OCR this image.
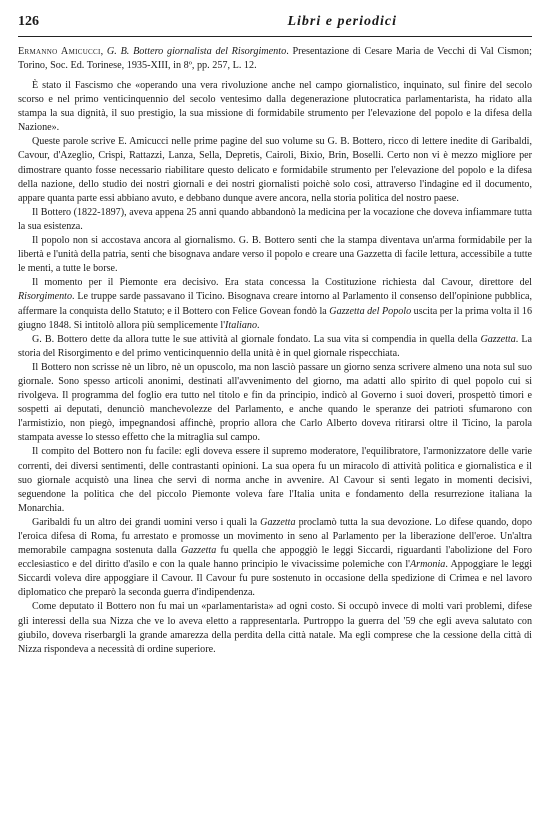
126	Libri e periodici

Ermanno Amicucci, G. B. Bottero giornalista del Risorgimento. Presentazione di Cesare Maria de Vecchi di Val Cismon; Torino, Soc. Ed. Torinese, 1935-XIII, in 8º, pp. 257, L. 12.

È stato il Fascismo che «operando una vera rivoluzione anche nel campo giornalistico, inquinato, sul finire del secolo scorso e nel primo venticinquennio del secolo ventesimo dalla degenerazione plutocratica parlamentarista, ha ridato alla stampa la sua dignità, il suo prestigio, la sua missione di formidabile strumento per l'elevazione del popolo e la difesa della Nazione».

Queste parole scrive E. Amicucci nelle prime pagine del suo volume su G. B. Bottero, ricco di lettere inedite di Garibaldi, Cavour, d'Azeglio, Crispi, Rattazzi, Lanza, Sella, Depretis, Cairoli, Bixio, Brin, Boselli. Certo non vi è mezzo migliore per dimostrare quanto fosse necessario riabilitare questo delicato e formidabile strumento per l'elevazione del popolo e la difesa della nazione, dello studio dei nostri giornali e dei nostri giornalisti poichè solo così, attraverso l'indagine ed il documento, appare quanta parte essi abbiano avuto, e debbano dunque avere ancora, nella storia politica del nostro paese.

Il Bottero (1822-1897), aveva appena 25 anni quando abbandonò la medicina per la vocazione che doveva infiammare tutta la sua esistenza.

Il popolo non si accostava ancora al giornalismo. G. B. Bottero senti che la stampa diventava un'arma formidabile per la libertà e l'unità della patria, senti che bisognava andare verso il popolo e creare una Gazzetta di facile lettura, accessibile a tutte le menti, a tutte le borse.

Il momento per il Piemonte era decisivo. Era stata concessa la Costituzione richiesta dal Cavour, direttore del Risorgimento. Le truppe sarde passavano il Ticino. Bisognava creare intorno al Parlamento il consenso dell'opinione pubblica, affermare la conquista dello Statuto; e il Bottero con Felice Govean fondò la Gazzetta del Popolo uscita per la prima volta il 16 giugno 1848. Si intitolò allora più semplicemente l'Italiano.

G. B. Bottero dette da allora tutte le sue attività al giornale fondato. La sua vita si compendia in quella della Gazzetta. La storia del Risorgimento e del primo venticinquennio della unità è in quel giornale rispecchiata.

Il Bottero non scrisse nè un libro, nè un opuscolo, ma non lasciò passare un giorno senza scrivere almeno una nota sul suo giornale. Sono spesso articoli anonimi, destinati all'avvenimento del giorno, ma adatti allo spirito di quel popolo cui si rivolgeva. Il programma del foglio era tutto nel titolo e fin da principio, indicò al Governo i suoi doveri, prospettò timori e sospetti ai deputati, denunciò manchevolezze del Parlamento, e anche quando le speranze dei patrioti sfumarono con l'armistizio, non piegò, impegnandosi affinchè, proprio allora che Carlo Alberto doveva ritirarsi oltre il Ticino, la parola stampata avesse lo stesso effetto che la mitraglia sul campo.

Il compito del Bottero non fu facile: egli doveva essere il supremo moderatore, l'equilibratore, l'armonizzatore delle varie correnti, dei diversi sentimenti, delle contrastanti opinioni. La sua opera fu un miracolo di attività politica e giornalistica e il suo giornale acquistò una linea che servì di norma anche in avvenire. Al Cavour si sentì legato in momenti decisivi, seguendone la politica che del piccolo Piemonte voleva fare l'Italia unita e fondamento della resurrezione italiana la Monarchia.

Garibaldi fu un altro dei grandi uomini verso i quali la Gazzetta proclamò tutta la sua devozione. Lo difese quando, dopo l'eroica difesa di Roma, fu arrestato e promosse un movimento in seno al Parlamento per la liberazione dell'eroe. Un'altra memorabile campagna sostenuta dalla Gazzetta fu quella che appoggiò le leggi Siccardi, riguardanti l'abolizione del Foro ecclesiastico e del diritto d'asilo e con la quale hanno principio le vivacissime polemiche con l'Armonia. Appoggiare le leggi Siccardi voleva dire appoggiare il Cavour. Il Cavour fu pure sostenuto in occasione della spedizione di Crimea e nel lavoro diplomatico che preparò la seconda guerra d'indipendenza.

Come deputato il Bottero non fu mai un «parlamentarista» ad ogni costo. Si occupò invece di molti vari problemi, difese gli interessi della sua Nizza che ve lo aveva eletto a rappresentarla. Purtroppo la guerra del '59 che egli aveva salutato con giubilo, doveva riserbargli la grande amarezza della perdita della città natale. Ma egli comprese che la cessione della città di Nizza rispondeva a necessità di ordine superiore.
